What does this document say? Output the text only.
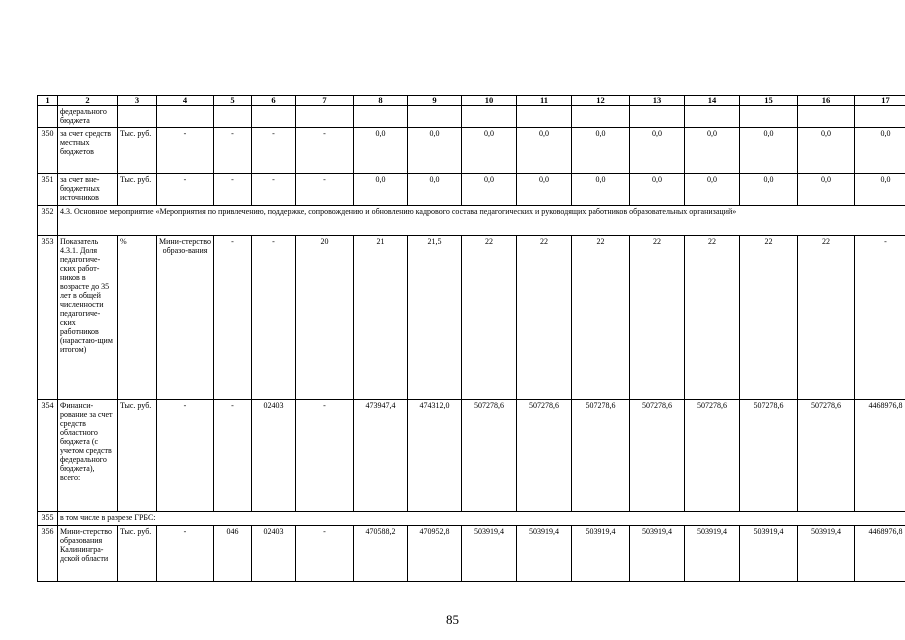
1	2	3	4	5	6	7	8	9	10	11	12	13	14	15	16	17
	федерального бюджета															
350	за счет средств местных бюджетов	Тыс. руб.	-	-	-	-	0,0	0,0	0,0	0,0	0,0	0,0	0,0	0,0	0,0	0,0
351	за счет вне-бюджетных источников	Тыс. руб.	-	-	-	-	0,0	0,0	0,0	0,0	0,0	0,0	0,0	0,0	0,0	0,0
352	4.3. Основное мероприятие «Мероприятия по привлечению, поддержке, сопровождению и обновлению кадрового состава педагогических и руководящих работников образовательных организаций»															
353	Показатель 4.3.1. Доля педагогиче-ских работ-ников в возрасте до 35 лет в общей численности педагогиче-ских работников (нарастаю-щим итогом)	%	Мини-стерство образо-вания	-	-	20	21	21,5	22	22	22	22	22	22	22	-
354	Финанси-рование за счет средств областного бюджета (с учетом средств федерального бюджета), всего:	Тыс. руб.	-	-	02403	-	473947,4	474312,0	507278,6	507278,6	507278,6	507278,6	507278,6	507278,6	507278,6	4468976,8
355	в том числе в разрезе ГРБС:															
356	Мини-стерство образования Калинингра-дской области	Тыс. руб.	-	046	02403	-	470588,2	470952,8	503919,4	503919,4	503919,4	503919,4	503919,4	503919,4	503919,4	4468976,8
85
